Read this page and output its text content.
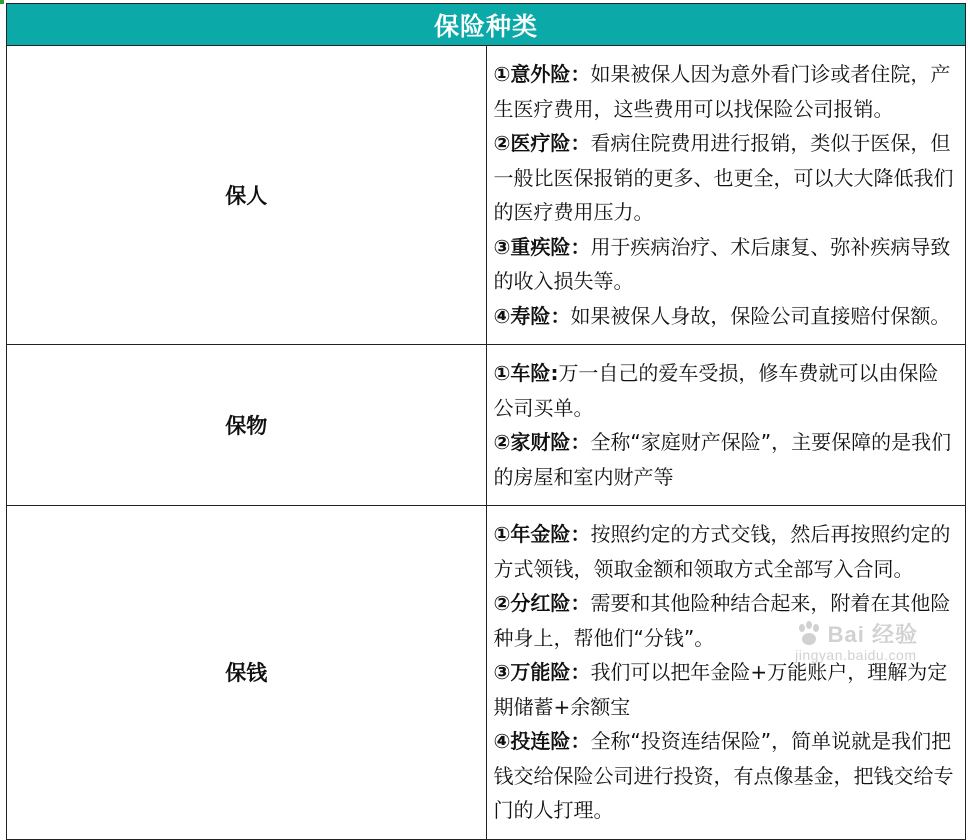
保险种类	
保人	①意外险：如果被保人因为意外看门诊或者住院，产生医疗费用，这些费用可以找保险公司报销。
②医疗险：看病住院费用进行报销，类似于医保，但一般比医保报销的更多、也更全，可以大大降低我们的医疗费用压力。
③重疾险：用于疾病治疗、术后康复、弥补疾病导致的收入损失等。
④寿险：如果被保人身故，保险公司直接赔付保额。

保物	①车险:万一自己的爱车受损，修车费就可以由保险公司买单。
②家财险：全称“家庭财产保险”，主要保障的是我们的房屋和室内财产等

保钱	①年金险：按照约定的方式交钱，然后再按照约定的方式领钱，领取金额和领取方式全部写入合同。
②分红险：需要和其他险种结合起来，附着在其他险种身上，帮他们“分钱”。
③万能险：我们可以把年金险+万能账户，理解为定期储蓄+余额宝
④投连险：全称“投资连结保险”，简单说就是我们把钱交给保险公司进行投资，有点像基金，把钱交给专门的人打理。
Bai 经验
jingyan.baidu.com
